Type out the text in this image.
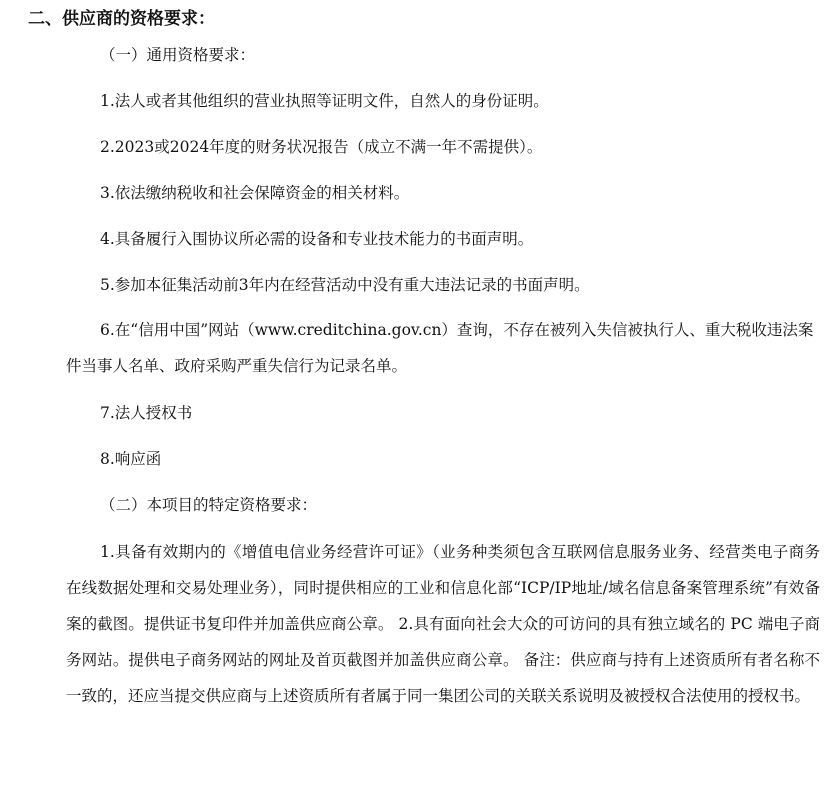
二、供应商的资格要求：
（一）通用资格要求：
1.法人或者其他组织的营业执照等证明文件，自然人的身份证明。
2.2023或2024年度的财务状况报告（成立不满一年不需提供）。
3.依法缴纳税收和社会保障资金的相关材料。
4.具备履行入围协议所必需的设备和专业技术能力的书面声明。
5.参加本征集活动前3年内在经营活动中没有重大违法记录的书面声明。
6.在“信用中国”网站（www.creditchina.gov.cn）查询，不存在被列入失信被执行人、重大税收违法案件当事人名单、政府采购严重失信行为记录名单。
7.法人授权书
8.响应函
（二）本项目的特定资格要求：
1.具备有效期内的《增值电信业务经营许可证》（业务种类须包含互联网信息服务业务、经营类电子商务在线数据处理和交易处理业务），同时提供相应的工业和信息化部“ICP/IP地址/域名信息备案管理系统”有效备案的截图。提供证书复印件并加盖供应商公章。 2.具有面向社会大众的可访问的具有独立域名的 PC 端电子商务网站。提供电子商务网站的网址及首页截图并加盖供应商公章。 备注：供应商与持有上述资质所有者名称不一致的，还应当提交供应商与上述资质所有者属于同一集团公司的关联关系说明及被授权合法使用的授权书。
